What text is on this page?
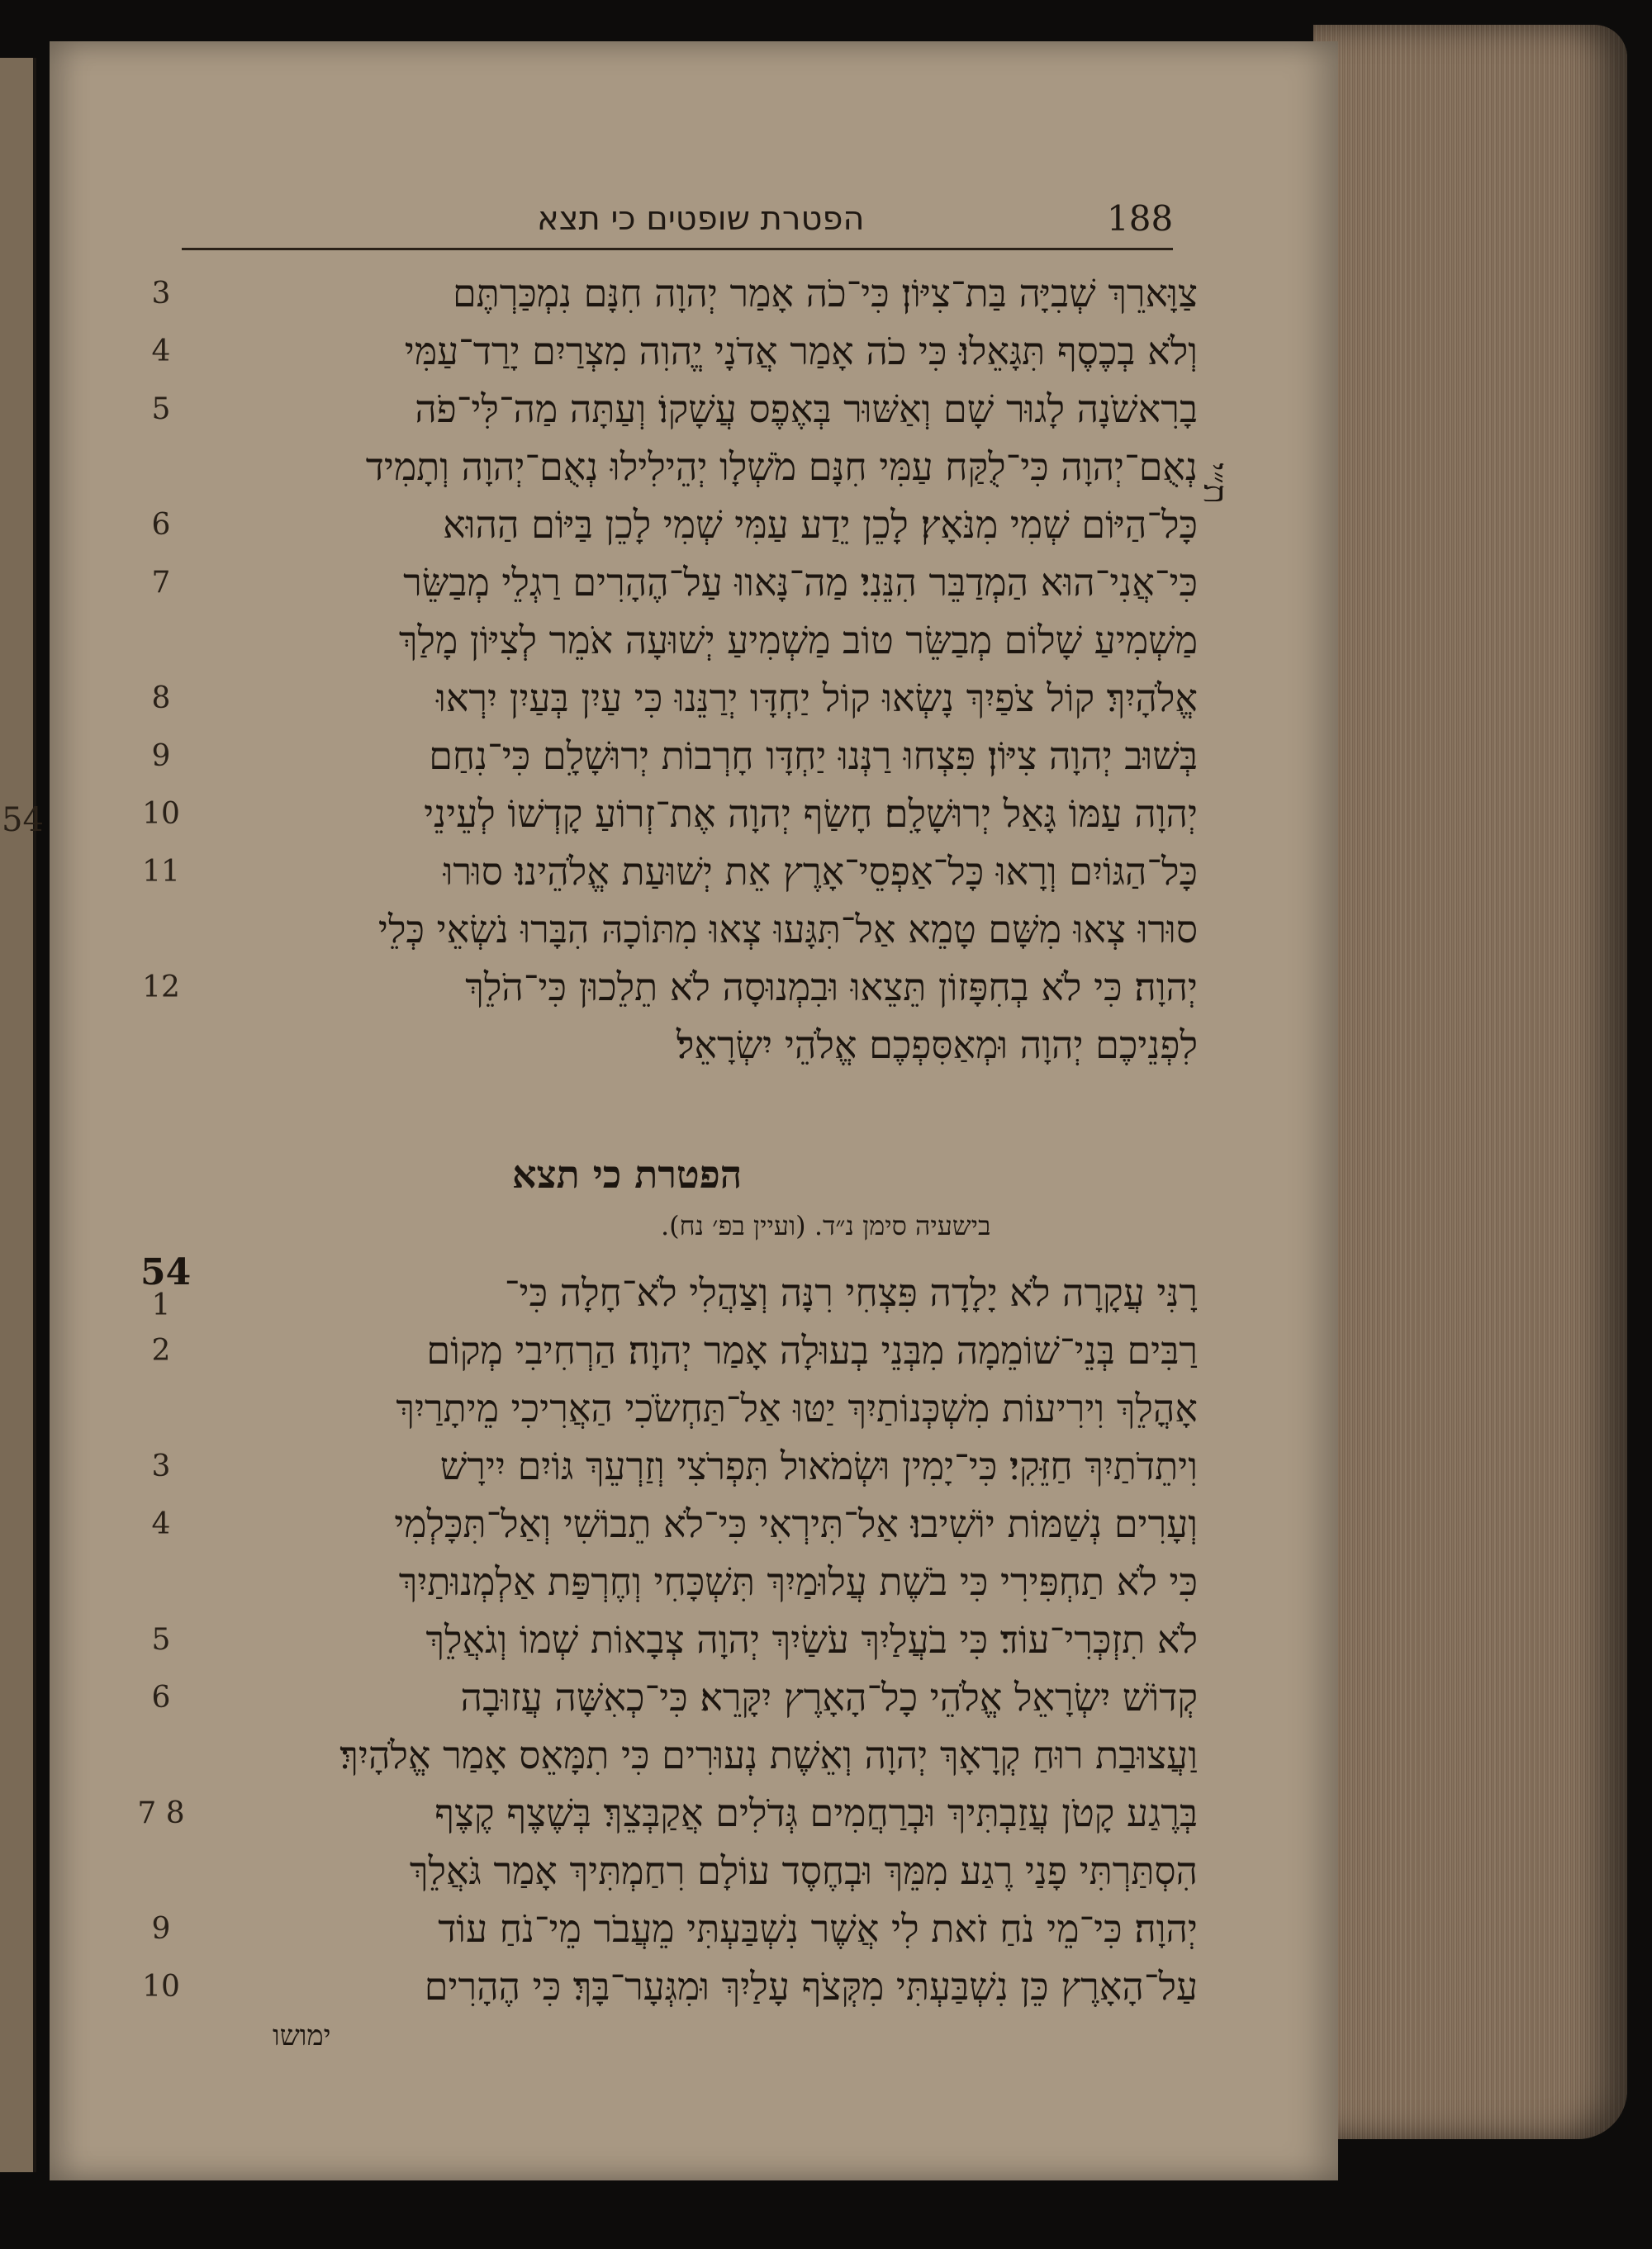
54
188
הפטרת שופטים כי תצא
ת״י
צַוָּארֵךְ שְׁבִיָּה בַּת־צִיּוֹן׃ כִּי־כֹה אָמַר יְהוָה חִנָּם נִמְכַּרְתֶּם
3
וְלֹא בְכֶסֶף תִּגָּאֵלוּ׃ כִּי כֹה אָמַר אֲדֹנָי יֱהוִה מִצְרַיִם יָרַד־עַמִּי
4
בָרִאשֹׁנָה לָגוּר שָׁם וְאַשּׁוּר בְּאֶפֶס עֲשָׁקוֹ׃ וְעַתָּה מַה־לִּי־פֹה
5
נְאֻם־יְהוָה כִּי־לֻקַּח עַמִּי חִנָּם מֹשְׁלָו יְהֵילִילוּ נְאֻם־יְהוָה וְתָמִיד
כָּל־הַיּוֹם שְׁמִי מִנֹּאָץ׃ לָכֵן יֵדַע עַמִּי שְׁמִי לָכֵן בַּיּוֹם הַהוּא
6
כִּי־אֲנִי־הוּא הַמְדַבֵּר הִנֵּנִי׃ מַה־נָּאווּ עַל־הֶהָרִים רַגְלֵי מְבַשֵּׂר
7
מַשְׁמִיעַ שָׁלוֹם מְבַשֵּׂר טוֹב מַשְׁמִיעַ יְשׁוּעָה אֹמֵר לְצִיּוֹן מָלַךְ
אֱלֹהָיִךְ׃ קוֹל צֹפַיִךְ נָשְׂאוּ קוֹל יַחְדָּו יְרַנֵּנוּ כִּי עַיִן בְּעַיִן יִרְאוּ
8
בְּשׁוּב יְהוָה צִיּוֹן׃ פִּצְחוּ רַנְּנוּ יַחְדָּו חָרְבוֹת יְרוּשָׁלִָם כִּי־נִחַם
9
יְהוָה עַמּוֹ גָּאַל יְרוּשָׁלִָם׃ חָשַׂף יְהוָה אֶת־זְרוֹעַ קָדְשׁוֹ לְעֵינֵי
10
כָּל־הַגּוֹיִם וְרָאוּ כָּל־אַפְסֵי־אָרֶץ אֵת יְשׁוּעַת אֱלֹהֵינוּ׃ סוּרוּ
11
סוּרוּ צְאוּ מִשָּׁם טָמֵא אַל־תִּגָּעוּ צְאוּ מִתּוֹכָהּ הִבָּרוּ נֹשְׂאֵי כְּלֵי
יְהוָה׃ כִּי לֹא בְחִפָּזוֹן תֵּצֵאוּ וּבִמְנוּסָה לֹא תֵלֵכוּן כִּי־הֹלֵךְ
12
לִפְנֵיכֶם יְהוָה וּמְאַסִּפְכֶם אֱלֹהֵי יִשְׂרָאֵל׃
הפטרת כי תצא
בישעיה סימן נ״ד. (ועיין בפ׳ נח).
54	רָנִּי עֲקָרָה לֹא יָלָדָה פִּצְחִי רִנָּה וְצַהֲלִי לֹא־חָלָה כִּי־
1
רַבִּים בְּנֵי־שׁוֹמֵמָה מִבְּנֵי בְעוּלָה אָמַר יְהוָה׃ הַרְחִיבִי מְקוֹם
2
אָהֳלֵךְ וִירִיעוֹת מִשְׁכְּנוֹתַיִךְ יַטּוּ אַל־תַּחְשֹׂכִי הַאֲרִיכִי מֵיתָרַיִךְ
וִיתֵדֹתַיִךְ חַזֵּקִי׃ כִּי־יָמִין וּשְׂמֹאול תִּפְרֹצִי וְזַרְעֵךְ גּוֹיִם יִירָשׁ
3
וְעָרִים נְשַׁמּוֹת יוֹשִׁיבוּ׃ אַל־תִּירְאִי כִּי־לֹא תֵבוֹשִׁי וְאַל־תִּכָּלְמִי
4
כִּי לֹא תַחְפִּירִי כִּי בֹשֶׁת עֲלוּמַיִךְ תִּשְׁכָּחִי וְחֶרְפַּת אַלְמְנוּתַיִךְ
לֹא תִזְכְּרִי־עוֹד׃ כִּי בֹעֲלַיִךְ עֹשַׂיִךְ יְהוָה צְבָאוֹת שְׁמוֹ וְגֹאֲלֵךְ
5
קְדוֹשׁ יִשְׂרָאֵל אֱלֹהֵי כָל־הָאָרֶץ יִקָּרֵא׃ כִּי־כְאִשָּׁה עֲזוּבָה
6
וַעֲצוּבַת רוּחַ קְרָאָךְ יְהוָה וְאֵשֶׁת נְעוּרִים כִּי תִמָּאֵס אָמַר אֱלֹהָיִךְ׃
בְּרֶגַע קָטֹן עֲזַבְתִּיךְ וּבְרַחֲמִים גְּדֹלִים אֲקַבְּצֵךְ׃ בְּשֶׁצֶף קֶצֶף
7 8
הִסְתַּרְתִּי פָנַי רֶגַע מִמֵּךְ וּבְחֶסֶד עוֹלָם רִחַמְתִּיךְ אָמַר גֹּאֲלֵךְ
יְהוָה׃ כִּי־מֵי נֹחַ זֹאת לִי אֲשֶׁר נִשְׁבַּעְתִּי מֵעֲבֹר מֵי־נֹחַ עוֹד
9
עַל־הָאָרֶץ כֵּן נִשְׁבַּעְתִּי מִקְּצֹף עָלַיִךְ וּמִגְּעָר־בָּךְ׃ כִּי הֶהָרִים
10
ימושו
